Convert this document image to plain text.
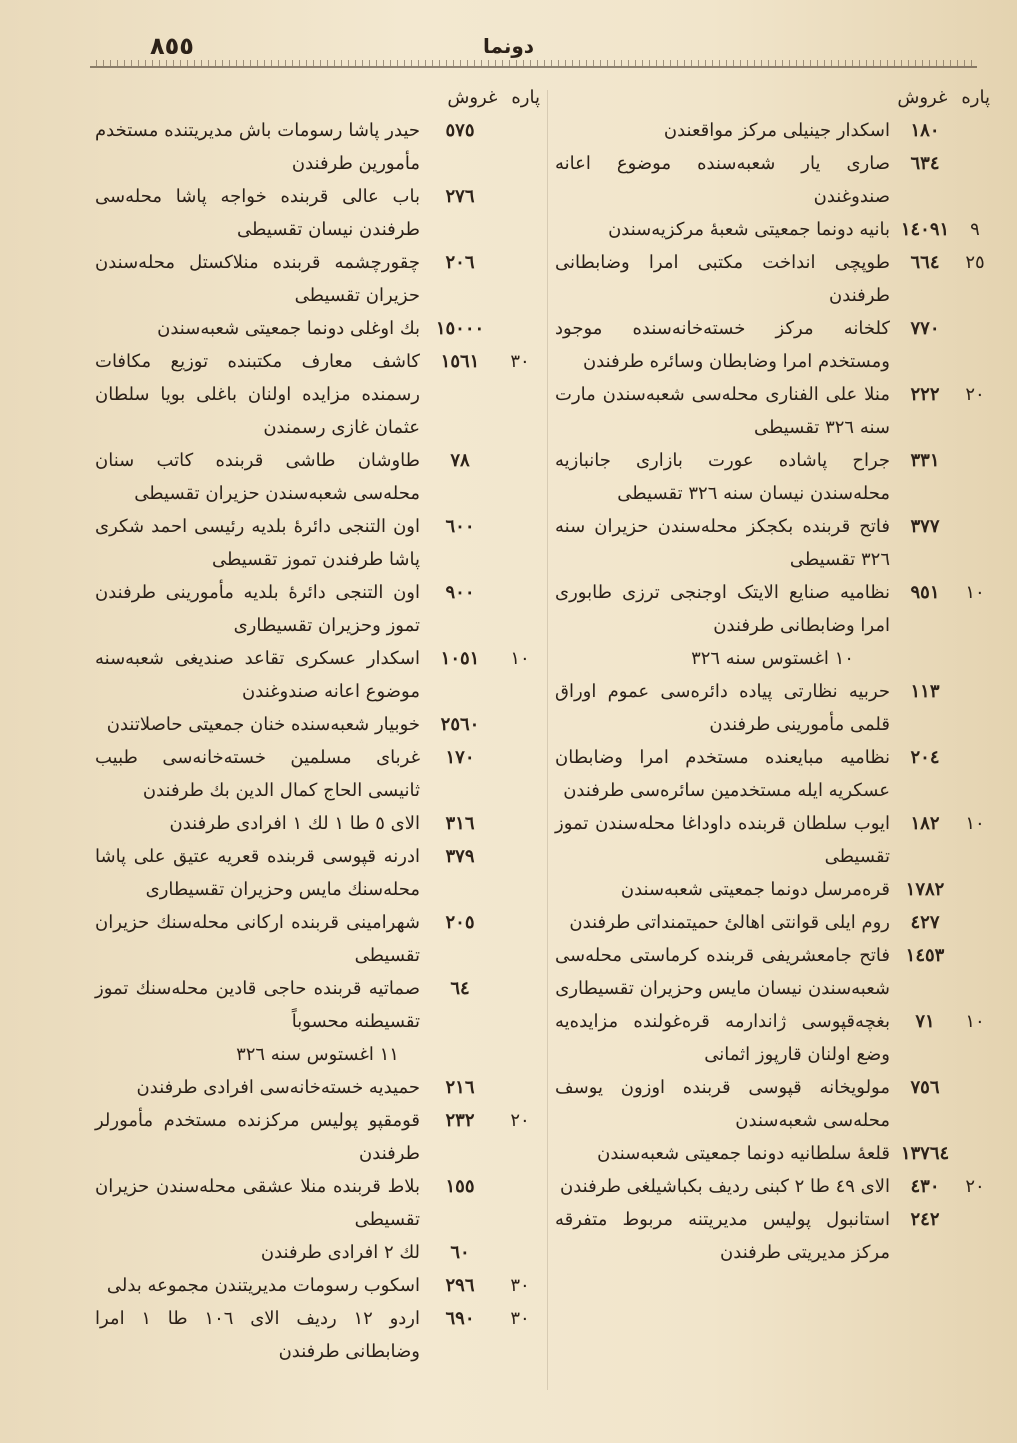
٨٥٥	دونما
پاره
غروش
١٨٠
اسکدار جینیلی مرکز مواقعندن
٦٣٤
صاری یار شعبه‌سنده موضوع اعانه صندوغندن
٩
١٤٠٩١
بانیه دونما جمعیتی شعبهٔ مرکزیه‌سندن
٢٥
٦٦٤
طوپچی انداخت مکتبی امرا وضابطانی طرفندن
٧٧٠
کلخانه مرکز خسته‌خانه‌سنده موجود ومستخدم امرا وضابطان وسائره طرفندن
٢٠
٢٢٢
منلا علی الفناری محله‌سی شعبه‌سندن مارت سنه ٣٢٦ تقسیطی
٣٣١
جراح پاشاده عورت بازاری جانبازیه محله‌سندن نیسان سنه ٣٢٦ تقسیطی
٣٧٧
فاتح قربنده بکجکز محله‌سندن حزیران سنه ٣٢٦ تقسیطی
١٠
٩٥١
نظامیه صنایع الایتک اوجنجی ترزی طابوری امرا وضابطانی طرفندن
١٠ اغستوس سنه ٣٢٦
١١٣
حربیه نظارتی پیاده دائره‌سی عموم اوراق قلمی مأمورینی طرفندن
٢٠٤
نظامیه مبایعنده مستخدم امرا وضابطان عسکریه ایله مستخدمین سائره‌سی طرفندن
١٠
١٨٢
ایوب سلطان قربنده داوداغا محله‌سندن تموز تقسیطی
١٧٨٢
قره‌مرسل دونما جمعیتی شعبه‌سندن
٤٢٧
روم ایلی قوانتی اهالیٔ حمیتمنداتی طرفندن
١٤٥٣
فاتح جامعشریفی قربنده کرماستی محله‌سی شعبه‌سندن نیسان مایس وحزیران تقسیطاری
١٠
٧١
بغچه‌قپوسی ژاندارمه قره‌غولنده مزایده‌یه وضع اولنان قارپوز اثمانی
٧٥٦
مولویخانه قپوسی قربنده اوزون یوسف محله‌سی شعبه‌سندن
١٣٧٦٤
قلعهٔ سلطانیه دونما جمعیتی شعبه‌سندن
٢٠
٤٣٠
الای ٤٩ طا ٢ کبنی ردیف بکباشیلغی طرفندن
٢٤٢
استانبول پولیس مدیریتنه مربوط متفرقه مرکز مدیریتی طرفندن
پاره
غروش
٥٧٥
حیدر پاشا رسومات باش مدیریتنده مستخدم مأمورین طرفندن
٢٧٦
باب عالی قربنده خواجه پاشا محله‌سی طرفندن نیسان تقسیطی
٢٠٦
چقورچشمه قربنده منلاکستل محله‌سندن حزیران تقسیطی
١٥٠٠٠
بك اوغلی دونما جمعیتی شعبه‌سندن
٣٠
١٥٦١
کاشف معارف مکتبنده توزیع مکافات رسمنده مزایده اولنان باغلی بویا سلطان عثمان غازی رسمندن
٧٨
طاوشان طاشی قربنده کاتب سنان محله‌سی شعبه‌سندن حزیران تقسیطی
٦٠٠
اون التنجی دائرهٔ بلدیه رئیسی احمد شکری پاشا طرفندن تموز تقسیطی
٩٠٠
اون التنجی دائرهٔ بلدیه مأمورینی طرفندن تموز وحزیران تقسیطاری
١٠
١٠٥١
اسکدار عسکری تقاعد صندیغی شعبه‌سنه موضوع اعانه صندوغندن
٢٥٦٠
خوبیار شعبه‌سنده خنان جمعیتی حاصلاتندن
١٧٠
غربای مسلمین خسته‌خانه‌سی طبیب ثانیسی الحاج کمال الدین بك طرفندن
٣١٦
الای ٥ طا ١ لك ١ افرادی طرفندن
٣٧٩
ادرنه قپوسی قربنده قعریه عتیق علی پاشا محله‌سنك مایس وحزیران تقسیطاری
٢٠٥
شهرامینی قربنده ارکانی محله‌سنك حزیران تقسیطی
٦٤
صماتیه قربنده حاجی قادین محله‌سنك تموز تقسیطنه محسوباً
١١ اغستوس سنه ٣٢٦
٢١٦
حمیدیه خسته‌خانه‌سی افرادی طرفندن
٢٠
٢٣٢
قومقپو پولیس مرکزنده مستخدم مأمورلر طرفندن
١٥٥
بلاط قربنده منلا عشقی محله‌سندن حزیران تقسیطی
٦٠
لك ٢ افرادی طرفندن
٣٠
٢٩٦
اسکوب رسومات مدیریتندن مجموعه بدلی
٣٠
٦٩٠
اردو ١٢ ردیف الای ١٠٦ طا ١ امرا وضابطانی طرفندن
